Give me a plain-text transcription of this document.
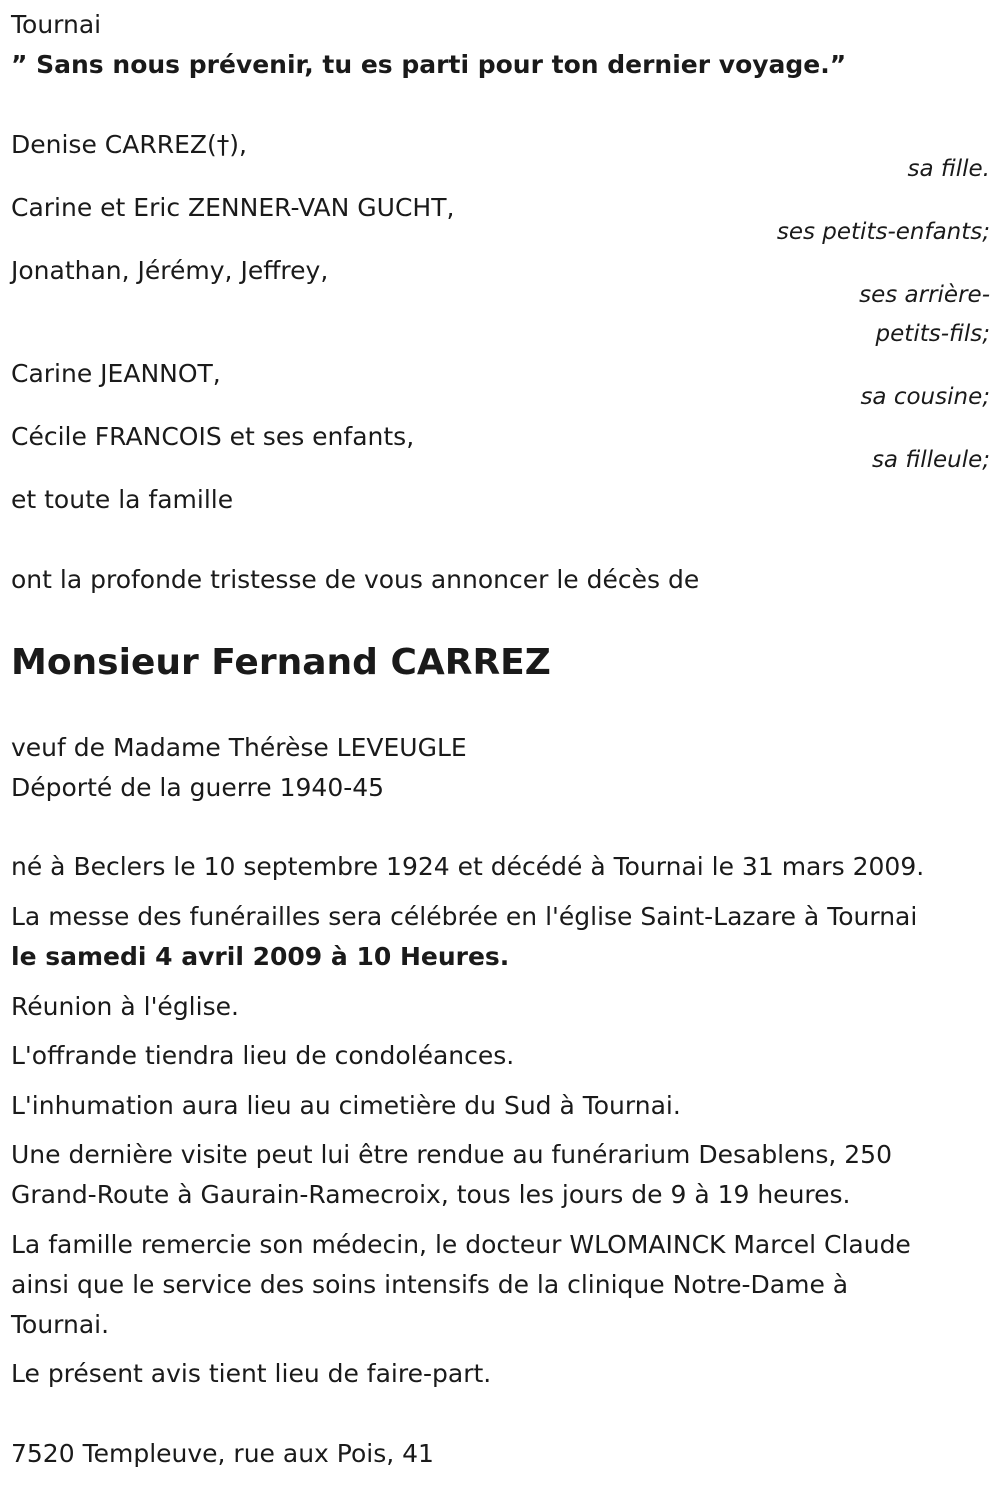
Tournai
” Sans nous prévenir, tu es parti pour ton dernier voyage.”
Denise CARREZ(†),
sa fille.
Carine et Eric ZENNER-VAN GUCHT,
ses petits-enfants;
Jonathan, Jérémy, Jeffrey,
ses arrière-
petits-fils;
Carine JEANNOT,
sa cousine;
Cécile FRANCOIS et ses enfants,
sa filleule;
et toute la famille
ont la profonde tristesse de vous annoncer le décès de
Monsieur Fernand CARREZ
veuf de Madame Thérèse LEVEUGLE
Déporté de la guerre 1940-45
né à Beclers le 10 septembre 1924 et décédé à Tournai le 31 mars 2009.
La messe des funérailles sera célébrée en l'église Saint-Lazare à Tournai
le samedi 4 avril 2009 à 10 Heures.
Réunion à l'église.
L'offrande tiendra lieu de condoléances.
L'inhumation aura lieu au cimetière du Sud à Tournai.
Une dernière visite peut lui être rendue au funérarium Desablens, 250
Grand-Route à Gaurain-Ramecroix, tous les jours de 9 à 19 heures.
La famille remercie son médecin, le docteur WLOMAINCK Marcel Claude
ainsi que le service des soins intensifs de la clinique Notre-Dame à
Tournai.
Le présent avis tient lieu de faire-part.
7520 Templeuve, rue aux Pois, 41
